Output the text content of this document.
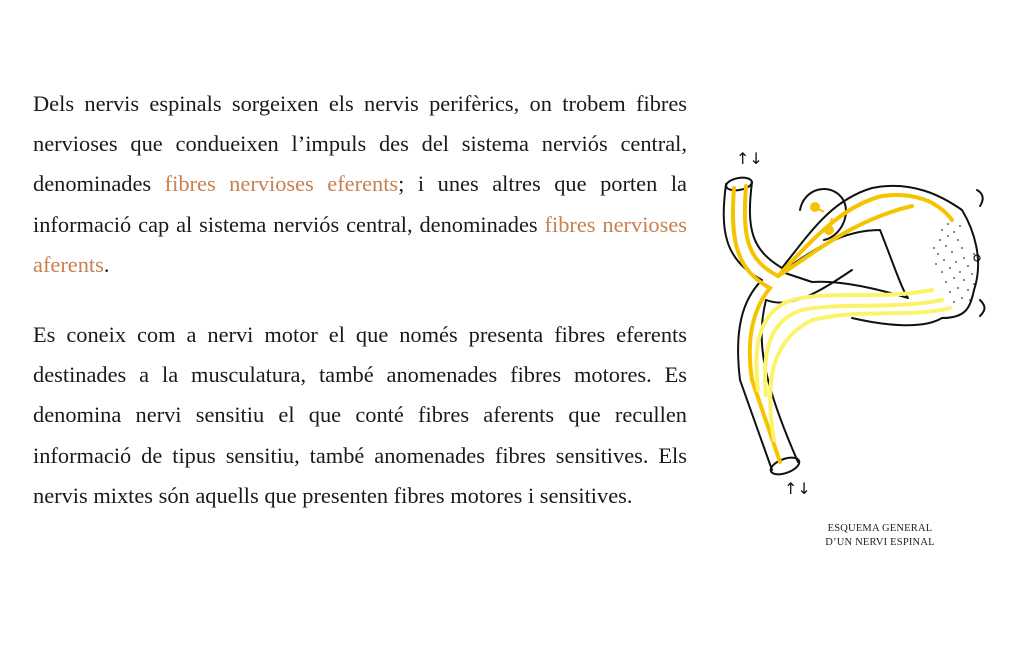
Dels nervis espinals sorgeixen els nervis perifèrics, on trobem fibres nervioses que condueixen l’impuls des del sistema nerviós central, denominades fibres nervioses eferents; i unes altres que porten la informació cap al sistema nerviós central, denominades fibres nervioses aferents.

Es coneix com a nervi motor el que només presenta fibres eferents destinades a la musculatura, també anomenades fibres motores. Es denomina nervi sensitiu el que conté fibres aferents que recullen informació de tipus sensitiu, també anomenades fibres sensitives. Els nervis mixtes són aquells que presenten fibres motores i sensitives.

↑↓
↑↓
ESQUEMA GENERAL
D’UN NERVI ESPINAL
